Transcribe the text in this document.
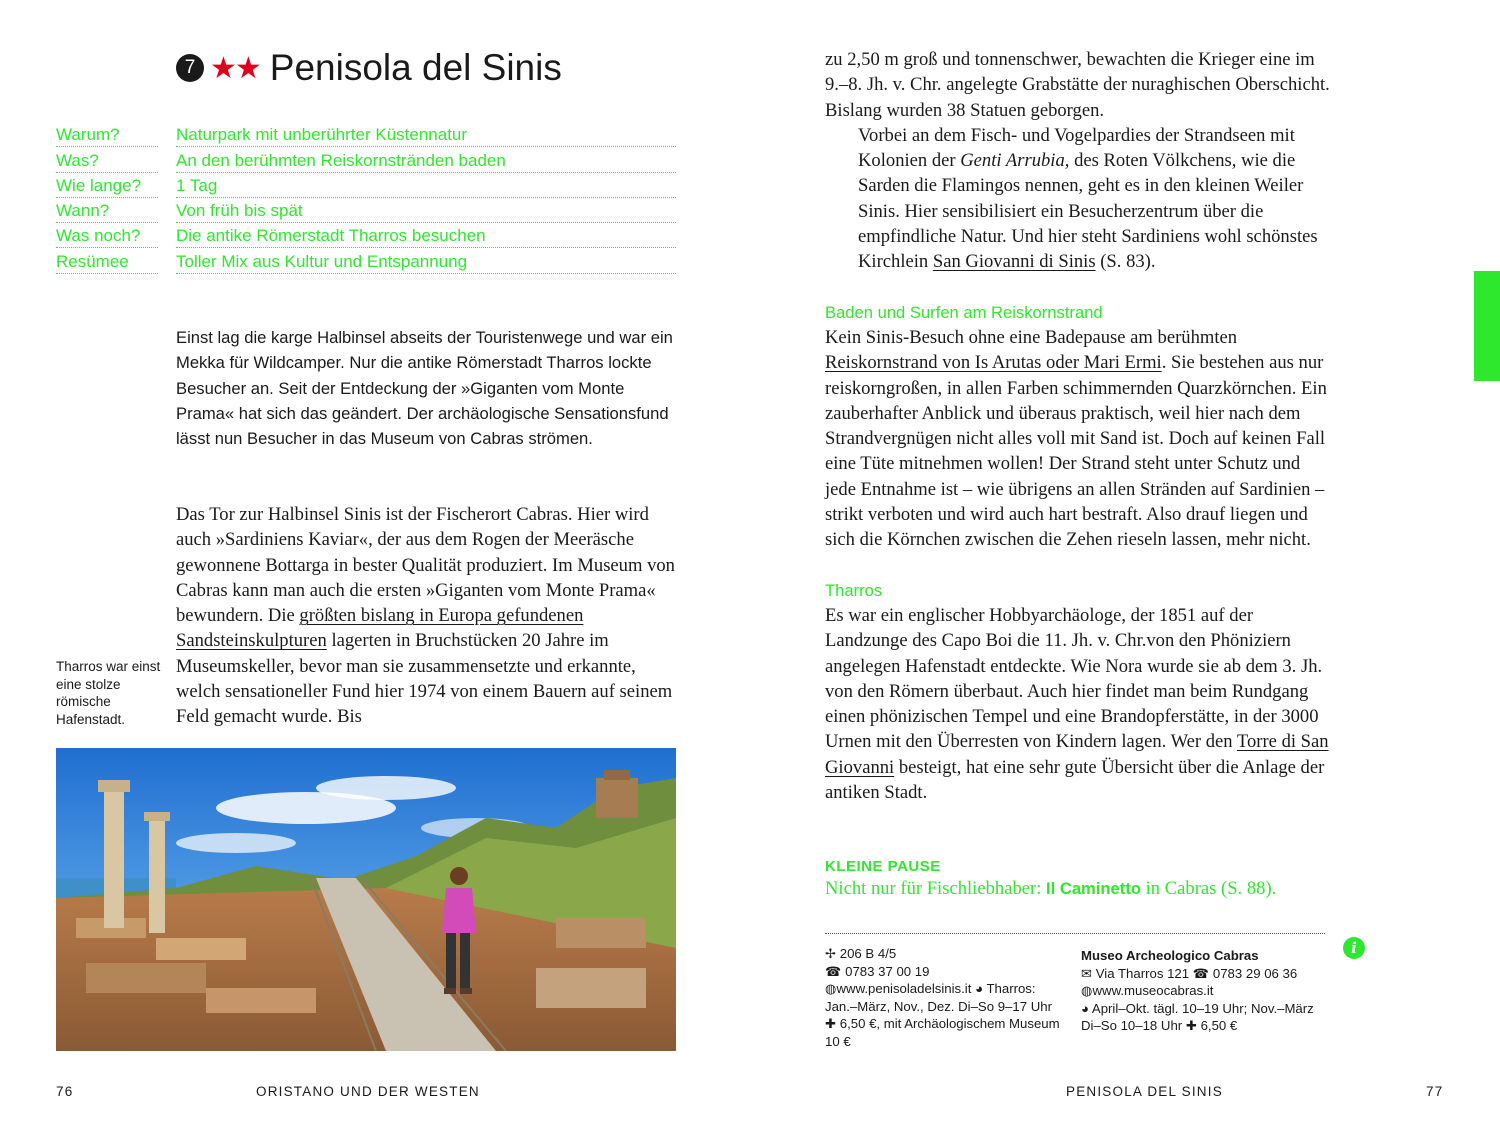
7 ★★ Penisola del Sinis
Warum?	Naturpark mit unberührter Küstennatur
Was?	An den berühmten Reiskornstränden baden
Wie lange?	1 Tag
Wann?	Von früh bis spät
Was noch?	Die antike Römerstadt Tharros besuchen
Resümee	Toller Mix aus Kultur und Entspannung
Einst lag die karge Halbinsel abseits der Touristenwege und war ein Mekka für Wildcamper. Nur die antike Römerstadt Tharros lockte Besucher an. Seit der Entdeckung der »Giganten vom Monte Prama« hat sich das geändert. Der archäologische Sensationsfund lässt nun Besucher in das Museum von Cabras strömen.
Das Tor zur Halbinsel Sinis ist der Fischerort Cabras. Hier wird auch »Sardiniens Kaviar«, der aus dem Rogen der Meeräsche gewonnene Bottarga in bester Qualität produziert. Im Museum von Cabras kann man auch die ersten »Giganten vom Monte Prama« bewundern. Die größten bislang in Europa gefundenen Sandsteinskulpturen lagerten in Bruchstücken 20 Jahre im Museumskeller, bevor man sie zusammensetzte und erkannte, welch sensationeller Fund hier 1974 von einem Bauern auf seinem Feld gemacht wurde. Bis
Tharros war einst eine stolze römische Hafenstadt.
zu 2,50 m groß und tonnenschwer, bewachten die Krieger eine im 9.–8. Jh. v. Chr. angelegte Grabstätte der nuraghischen Oberschicht. Bislang wurden 38 Statuen geborgen.
Vorbei an dem Fisch- und Vogelpardies der Strandseen mit Kolonien der Genti Arrubia, des Roten Völkchens, wie die Sarden die Flamingos nennen, geht es in den kleinen Weiler Sinis. Hier sensibilisiert ein Besucherzentrum über die empfindliche Natur. Und hier steht Sardiniens wohl schönstes Kirchlein San Giovanni di Sinis (S. 83).
Baden und Surfen am Reiskornstrand
Kein Sinis-Besuch ohne eine Badepause am berühmten Reiskornstrand von Is Arutas oder Mari Ermi. Sie bestehen aus nur reiskorngroßen, in allen Farben schimmernden Quarzkörnchen. Ein zauberhafter Anblick und überaus praktisch, weil hier nach dem Strandvergnügen nicht alles voll mit Sand ist. Doch auf keinen Fall eine Tüte mitnehmen wollen! Der Strand steht unter Schutz und jede Entnahme ist – wie übrigens an allen Stränden auf Sardinien – strikt verboten und wird auch hart bestraft. Also drauf liegen und sich die Körnchen zwischen die Zehen rieseln lassen, mehr nicht.
Tharros
Es war ein englischer Hobbyarchäologe, der 1851 auf der Landzunge des Capo Boi die 11. Jh. v. Chr.von den Phöniziern angelegen Hafenstadt entdeckte. Wie Nora wurde sie ab dem 3. Jh. von den Römern überbaut. Auch hier findet man beim Rundgang einen phönizischen Tempel und eine Brandopferstätte, in der 3000 Urnen mit den Überresten von Kindern lagen. Wer den Torre di San Giovanni besteigt, hat eine sehr gute Übersicht über die Anlage der antiken Stadt.
KLEINE PAUSE
Nicht nur für Fischliebhaber: Il Caminetto in Cabras (S. 88).
i
✢ 206 B 4/5
☎ 0783 37 00 19 ◍www.penisoladelsinis.it ◕ Tharros: Jan.–März, Nov., Dez. Di–So 9–17 Uhr ✚ 6,50 €, mit Archäologischem Museum 10 €
Museo Archeologico Cabras
✉ Via Tharros 121 ☎ 0783 29 06 36
◍www.museocabras.it
◕ April–Okt. tägl. 10–19 Uhr; Nov.–März Di–So 10–18 Uhr ✚ 6,50 €
76	ORISTANO UND DER WESTEN	PENISOLA DEL SINIS	77
